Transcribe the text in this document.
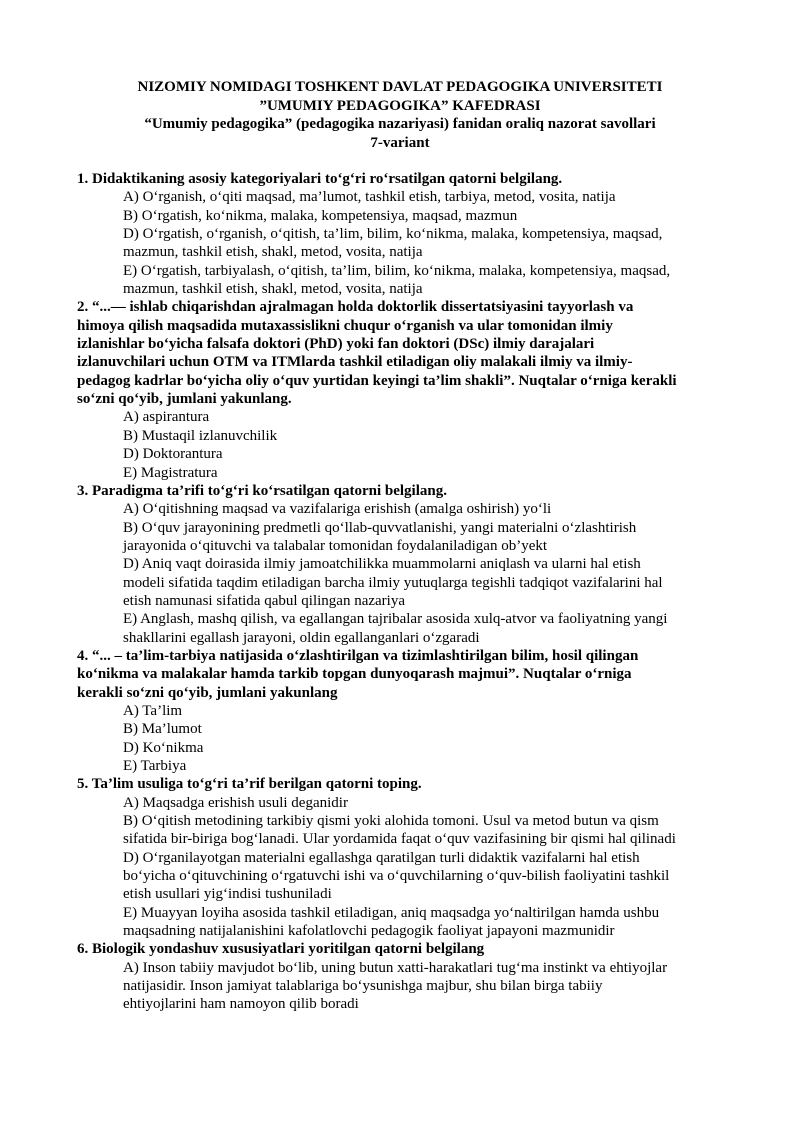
NIZOMIY NOMIDAGI TOSHKENT DAVLAT PEDAGOGIKA UNIVERSITETI
”UMUMIY PEDAGOGIKA” KAFEDRASI
“Umumiy pedagogika” (pedagogika nazariyasi) fanidan oraliq nazorat savollari
7-variant
1. Didaktikaning asosiy kategoriyalari to‘g‘ri ro‘rsatilgan qatorni belgilang.
A) O‘rganish, o‘qiti maqsad, ma’lumot, tashkil etish, tarbiya, metod, vosita, natija
B) O‘rgatish, ko‘nikma, malaka, kompetensiya, maqsad, mazmun
D) O‘rgatish, o‘rganish, o‘qitish, ta’lim, bilim, ko‘nikma, malaka, kompetensiya, maqsad,
mazmun, tashkil etish, shakl, metod, vosita, natija
E) O‘rgatish, tarbiyalash, o‘qitish, ta’lim, bilim, ko‘nikma, malaka, kompetensiya, maqsad,
mazmun, tashkil etish, shakl, metod, vosita, natija
2. “...— ishlab chiqarishdan ajralmagan holda doktorlik dissertatsiyasini tayyorlash va
himoya qilish maqsadida mutaxassislikni chuqur o‘rganish va ular tomonidan ilmiy
izlanishlar bo‘yicha falsafa doktori (PhD) yoki fan doktori (DSc) ilmiy darajalari
izlanuvchilari uchun OTM va ITMlarda tashkil etiladigan oliy malakali ilmiy va ilmiy-
pedagog kadrlar bo‘yicha oliy o‘quv yurtidan keyingi ta’lim shakli”. Nuqtalar o‘rniga kerakli
so‘zni qo‘yib, jumlani yakunlang.
A) aspirantura
B) Mustaqil izlanuvchilik
D) Doktorantura
E) Magistratura
3. Paradigma ta’rifi to‘g‘ri ko‘rsatilgan qatorni belgilang.
A) O‘qitishning maqsad va vazifalariga erishish (amalga oshirish) yo‘li
B) O‘quv jarayonining predmetli qo‘llab-quvvatlanishi, yangi materialni o‘zlashtirish
jarayonida o‘qituvchi va talabalar tomonidan foydalaniladigan ob’yekt
D) Aniq vaqt doirasida ilmiy jamoatchilikka muammolarni aniqlash va ularni hal etish
modeli sifatida taqdim etiladigan barcha ilmiy yutuqlarga tegishli tadqiqot vazifalarini hal
etish namunasi sifatida qabul qilingan nazariya
E) Anglash, mashq qilish, va egallangan tajribalar asosida xulq-atvor va faoliyatning yangi
shakllarini egallash jarayoni, oldin egallanganlari o‘zgaradi
4. “... – ta’lim-tarbiya natijasida o‘zlashtirilgan va tizimlashtirilgan bilim, hosil qilingan
ko‘nikma va malakalar hamda tarkib topgan dunyoqarash majmui”. Nuqtalar o‘rniga
kerakli so‘zni qo‘yib, jumlani yakunlang
A) Ta’lim
B) Ma’lumot
D) Ko‘nikma
E) Tarbiya
5. Ta’lim usuliga to‘g‘ri ta’rif berilgan qatorni toping.
A) Maqsadga erishish usuli deganidir
B) O‘qitish metodining tarkibiy qismi yoki alohida tomoni. Usul va metod butun va qism
sifatida bir-biriga bog‘lanadi. Ular yordamida faqat o‘quv vazifasining bir qismi hal qilinadi
D) O‘rganilayotgan materialni egallashga qaratilgan turli didaktik vazifalarni hal etish
bo‘yicha o‘qituvchining o‘rgatuvchi ishi va o‘quvchilarning o‘quv-bilish faoliyatini tashkil
etish usullari yig‘indisi tushuniladi
E) Muayyan loyiha asosida tashkil etiladigan, aniq maqsadga yo‘naltirilgan hamda ushbu
maqsadning natijalanishini kafolatlovchi pedagogik faoliyat japayoni mazmunidir
6. Biologik yondashuv xususiyatlari yoritilgan qatorni belgilang
A) Inson tabiiy mavjudot bo‘lib, uning butun xatti-harakatlari tug‘ma instinkt va ehtiyojlar
natijasidir. Inson jamiyat talablariga bo‘ysunishga majbur, shu bilan birga tabiiy
ehtiyojlarini ham namoyon qilib boradi
